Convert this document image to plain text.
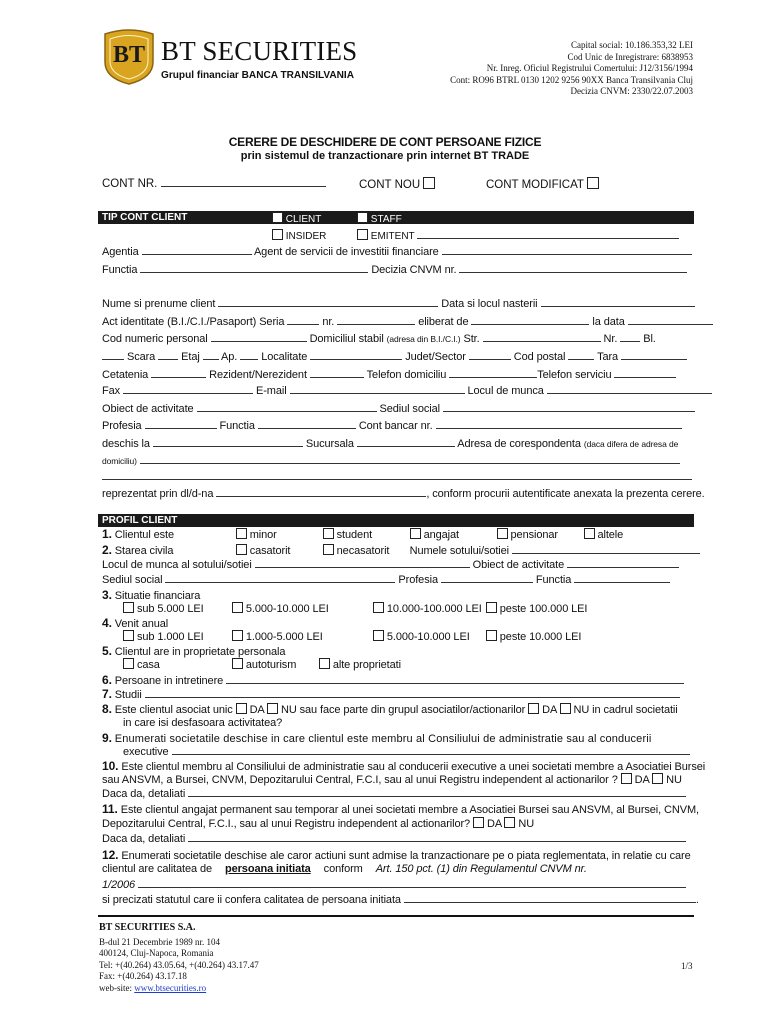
BT BT SECURITIES
Grupul financiar BANCA TRANSILVANIA
Capital social: 10.186.353,32 LEI
Cod Unic de Inregistrare: 6838953
Nr. Inreg. Oficiul Registrului Comertului: J12/3156/1994
Cont: RO96 BTRL 0130 1202 9256 90XX Banca Transilvania Cluj
Decizia CNVM: 2330/22.07.2003
CERERE DE DESCHIDERE DE CONT PERSOANE FIZICE
prin sistemul de tranzactionare prin internet BT TRADE
CONT NR.	CONT NOU	CONT MODIFICAT
TIP CONT CLIENT	CLIENT	STAFF
INSIDER	EMITENT
Agentia	Agent de servicii de investitii financiare
Functia	Decizia CNVM nr.
Nume si prenume client	Data si locul nasterii
Act identitate (B.I./C.I./Pasaport) Seria	nr.	eliberat de	la data
Cod numeric personal	Domiciliul stabil (adresa din B.I./C.I.) Str.	Nr. Bl.
Scara Etaj Ap. Localitate	Judet/Sector	Cod postal	Tara
Cetatenia	Rezident/Nerezident	Telefon domiciliu	Telefon serviciu
Fax	E-mail	Locul de munca
Obiect de activitate	Sediul social
Profesia	Functia	Cont bancar nr.
deschis la	Sucursala	Adresa de corespondenta (daca difera de adresa de
domiciliu)
reprezentat prin dl/d-na	, conform procurii autentificate anexata la prezenta cerere.
PROFIL CLIENT
1. Clientul este	minor	student	angajat	pensionar	altele
2. Starea civila	casatorit	necasatorit Numele sotului/sotiei
Locul de munca al sotului/sotiei	Obiect de activitate
Sediul social	Profesia	Functia
3. Situatie financiara
sub 5.000 LEI	5.000-10.000 LEI	10.000-100.000 LEI peste 100.000 LEI
4. Venit anual
sub 1.000 LEI	1.000-5.000 LEI	5.000-10.000 LEI	peste 10.000 LEI
5. Clientul are in proprietate personala
casa	autoturism	alte proprietati
6. Persoane in intretinere
7. Studii
8. Este clientul asociat unic DA NU sau face parte din grupul asociatilor/actionarilor DA NU in cadrul societatii
in care isi desfasoara activitatea?
9. Enumerati societatile deschise in care clientul este membru al Consiliului de administratie sau al conducerii
executive
10. Este clientul membru al Consiliului de administratie sau al conducerii executive a unei societati membre a Asociatiei Bursei
sau ANSVM, a Bursei, CNVM, Depozitarului Central, F.C.I, sau al unui Registru independent al actionarilor ? DA NU
Daca da, detaliati
11. Este clientul angajat permanent sau temporar al unei societati membre a Asociatiei Bursei sau ANSVM, al Bursei, CNVM,
Depozitarului Central, F.C.I., sau al unui Registru independent al actionarilor? DA NU
Daca da, detaliati
12. Enumerati societatile deschise ale caror actiuni sunt admise la tranzactionare pe o piata reglementata, in relatie cu care
clientul are calitatea de persoana initiata conform Art. 150 pct. (1) din Regulamentul CNVM nr.
1/2006
si precizati statutul care ii confera calitatea de persoana initiata	.
BT SECURITIES S.A.
B-dul 21 Decembrie 1989 nr. 104
400124, Cluj-Napoca, Romania
Tel: +(40.264) 43.05.64, +(40.264) 43.17.47
Fax: +(40.264) 43.17.18
web-site: www.btsecurities.ro
1/3
